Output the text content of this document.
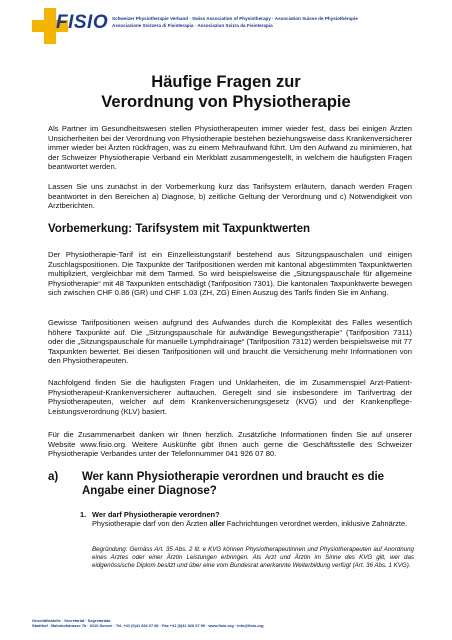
FISIO Schweizer Physiotherapie Verband · Swiss Association of Physiotherapy · Association Suisse de Physiothérapie
Associazione Svizzera di Fisioterapia · Associaziun Svizra da Fisioterapia
Häufige Fragen zur
Verordnung von Physiotherapie
Als Partner im Gesundheitswesen stellen Physiotherapeuten immer wieder fest, dass bei einigen Ärzten Unsicherheiten bei der Verordnung von Physiotherapie bestehen beziehungsweise dass Krankenversicherer immer wieder bei Ärzten rückfragen, was zu einem Mehraufwand führt. Um den Aufwand zu minimieren, hat der Schweizer Physiotherapie Verband ein Merkblatt zusammengestellt, in welchem die häufigsten Fragen beantwortet werden.
Lassen Sie uns zunächst in der Vorbemerkung kurz das Tarifsystem erläutern, danach werden Fragen beantwortet in den Bereichen a) Diagnose, b) zeitliche Geltung der Verordnung und c) Notwendigkeit von Arztberichten.
Vorbemerkung: Tarifsystem mit Taxpunktwerten
Der Physiotherapie-Tarif ist ein Einzelleistungstarif bestehend aus Sitzungspauschalen und einigen Zuschlagspositionen. Die Taxpunkte der Tarifpositionen werden mit kantonal abgestimmten Taxpunktwerten multipliziert, vergleichbar mit dem Tarmed. So wird beispielsweise die „Sitzungspauschale für allgemeine Physiotherapie“ mit 48 Taxpunkten entschädigt (Tarifposition 7301). Die kantonalen Taxpunktwerte bewegen sich zwischen CHF 0.86 (GR) und CHF 1.03 (ZH, ZG) Einen Auszug des Tarifs finden Sie im Anhang.
Gewisse Tarifpositionen weisen aufgrund des Aufwandes durch die Komplexität des Falles wesentlich höhere Taxpunkte auf. Die „Sitzungspauschale für aufwändige Bewegungstherapie“ (Tarifposition 7311) oder die „Sitzungspauschale für manuelle Lymphdrainage“ (Tarifposition 7312) werden beispielsweise mit 77 Taxpunkten bewertet. Bei diesen Tarifpositionen will und braucht die Versicherung mehr Informationen von den Physiotherapeuten.
Nachfolgend finden Sie die häufigsten Fragen und Unklarheiten, die im Zusammenspiel Arzt-Patient-Physiotherapeut-Krankenversicherer auftauchen. Geregelt sind sie insbesondere im Tarifvertrag der Physiotherapeuten, welcher auf dem Krankenversicherungsgesetz (KVG) und der Krankenpflege-Leistungsverordnung (KLV) basiert.
Für die Zusammenarbeit danken wir Ihnen herzlich. Zusätzliche Informationen finden Sie auf unserer Website www.fisio.org. Weitere Auskünfte gibt Ihnen auch gerne die Geschäftsstelle des Schweizer Physiotherapie Verbandes unter der Telefonnummer 041 926 07 80.
a) Wer kann Physiotherapie verordnen und braucht es die Angabe einer Diagnose?
1. Wer darf Physiotherapie verordnen?
Physiotherapie darf von den Ärzten aller Fachrichtungen verordnet werden, inklusive Zahnärzte.
Begründung: Gemäss Art. 35 Abs. 2 lit. e KVG können Physiotherapeutinnen und Physiotherapeuten auf Anordnung eines Arztes oder einer Ärztin Leistungen erbringen. Als Arzt und Ärztin im Sinne des KVG gilt, wer das eidgenössische Diplom besitzt und über eine vom Bundesrat anerkannte Weiterbildung verfügt (Art. 36 Abs. 1 KVG).
Geschäftsstelle · Secrétariat · Segretariato
Stadthof · Bahnhofstrasse 7b · 6210 Sursee · Tel. +41 (0)41 926 07 80 · Fax +41 (0)41 926 07 99 · www.fisio.org · info@fisio.org
